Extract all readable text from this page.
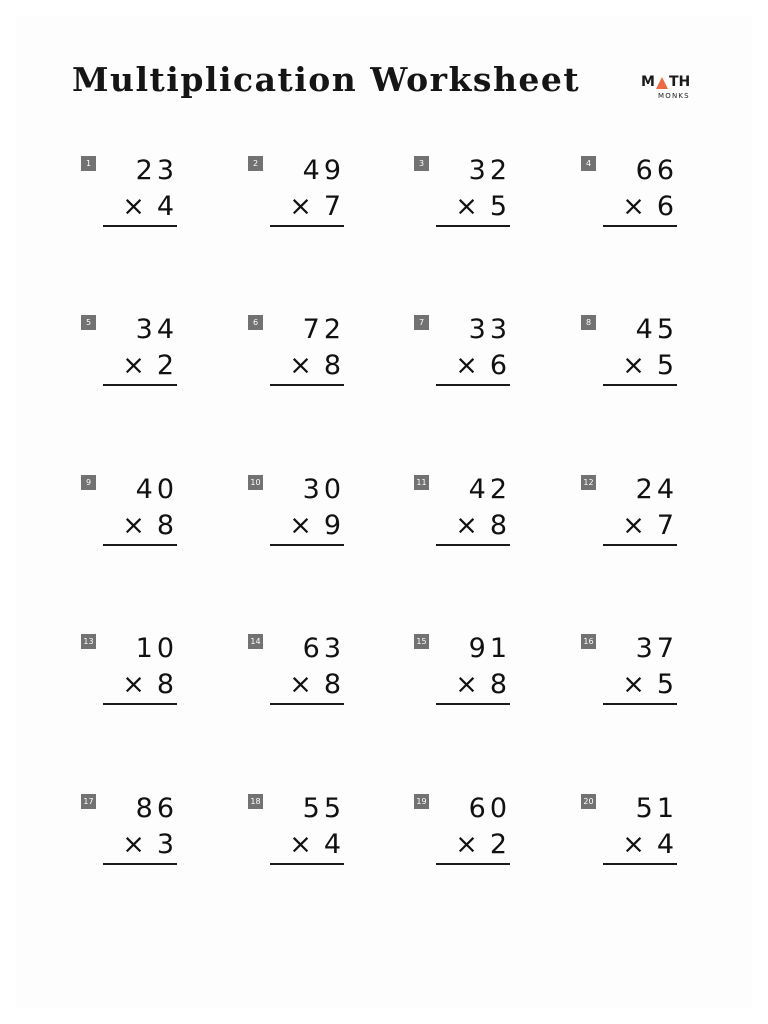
Multiplication Worksheet	M TH
MONKS
1 23
× 4
2 49
× 7
3 32
× 5
4 66
× 6
5 34
× 2
6 72
× 8
7 33
× 6
8 45
× 5
9 40
× 8
10 30
× 9
11 42
× 8
12 24
× 7
13 10
× 8
14 63
× 8
15 91
× 8
16 37
× 5
17 86
× 3
18 55
× 4
19 60
× 2
20 51
× 4
